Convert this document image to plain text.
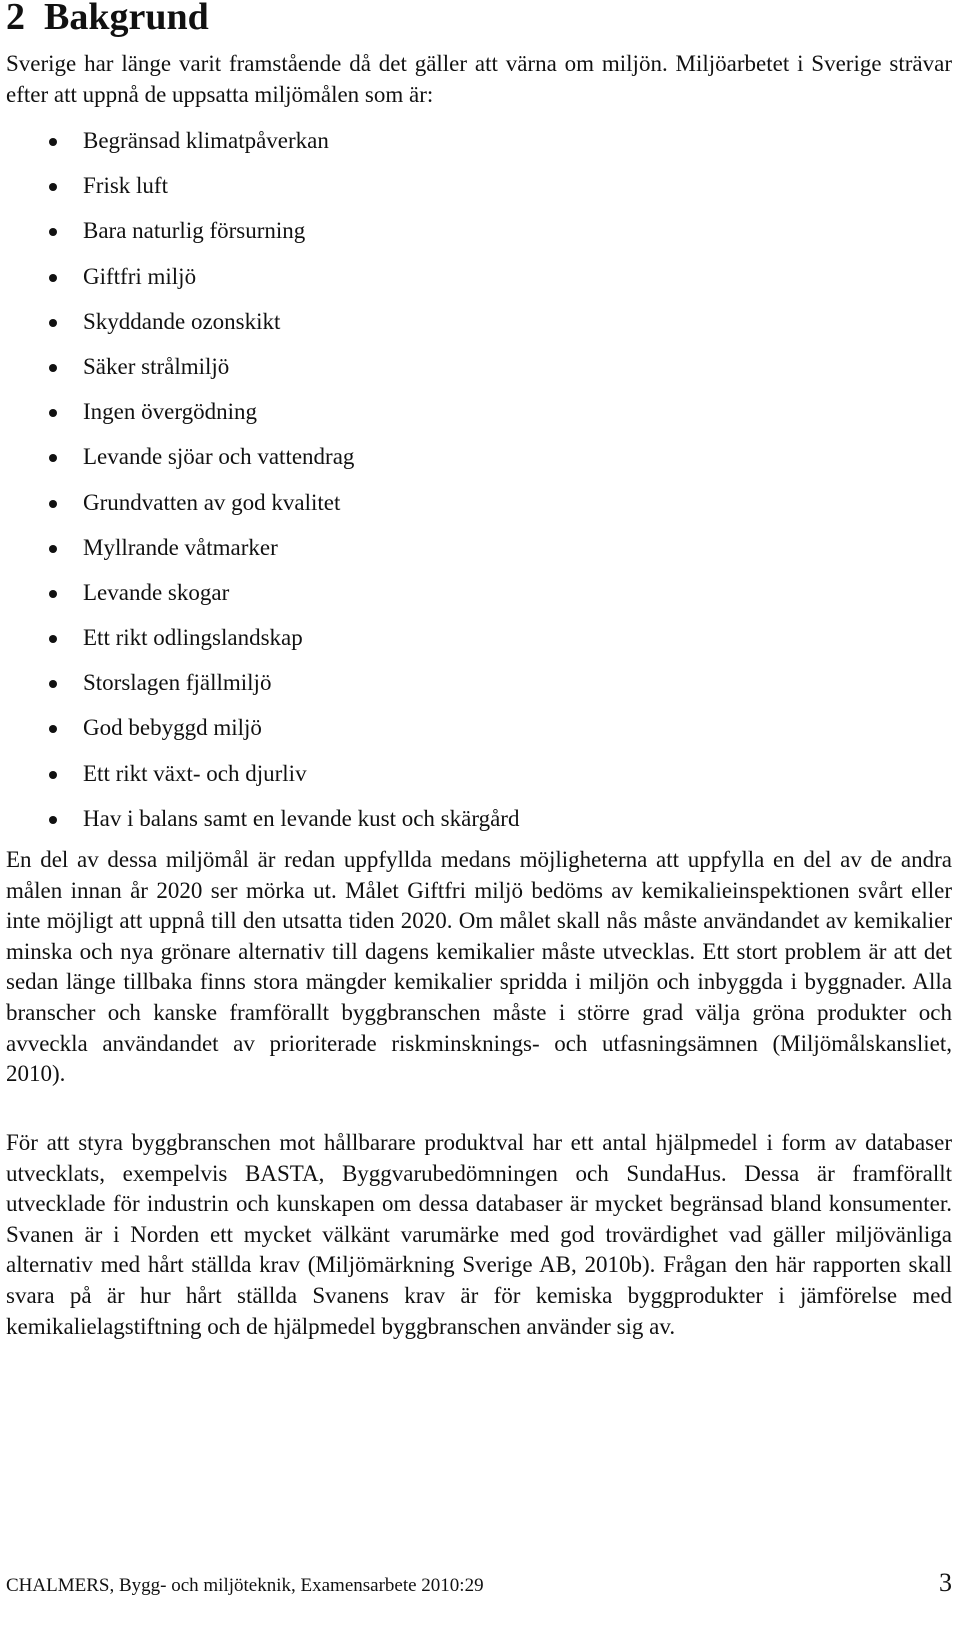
2 Bakgrund

Sverige har länge varit framstående då det gäller att värna om miljön. Miljöarbetet i Sverige strävar efter att uppnå de uppsatta miljömålen som är:

Begränsad klimatpåverkan
Frisk luft
Bara naturlig försurning
Giftfri miljö
Skyddande ozonskikt
Säker strålmiljö
Ingen övergödning
Levande sjöar och vattendrag
Grundvatten av god kvalitet
Myllrande våtmarker
Levande skogar
Ett rikt odlingslandskap
Storslagen fjällmiljö
God bebyggd miljö
Ett rikt växt- och djurliv
Hav i balans samt en levande kust och skärgård

En del av dessa miljömål är redan uppfyllda medans möjligheterna att uppfylla en del av de andra målen innan år 2020 ser mörka ut. Målet Giftfri miljö bedöms av kemikalieinspektionen svårt eller inte möjligt att uppnå till den utsatta tiden 2020. Om målet skall nås måste användandet av kemikalier minska och nya grönare alternativ till dagens kemikalier måste utvecklas. Ett stort problem är att det sedan länge tillbaka finns stora mängder kemikalier spridda i miljön och inbyggda i byggnader. Alla branscher och kanske framförallt byggbranschen måste i större grad välja gröna produkter och avveckla användandet av prioriterade riskminsknings- och utfasningsämnen (Miljömålskansliet, 2010).

För att styra byggbranschen mot hållbarare produktval har ett antal hjälpmedel i form av databaser utvecklats, exempelvis BASTA, Byggvarubedömningen och SundaHus. Dessa är framförallt utvecklade för industrin och kunskapen om dessa databaser är mycket begränsad bland konsumenter. Svanen är i Norden ett mycket välkänt varumärke med god trovärdighet vad gäller miljövänliga alternativ med hårt ställda krav (Miljömärkning Sverige AB, 2010b). Frågan den här rapporten skall svara på är hur hårt ställda Svanens krav är för kemiska byggprodukter i jämförelse med kemikalielagstiftning och de hjälpmedel byggbranschen använder sig av.

CHALMERS, Bygg- och miljöteknik, Examensarbete 2010:29	3
